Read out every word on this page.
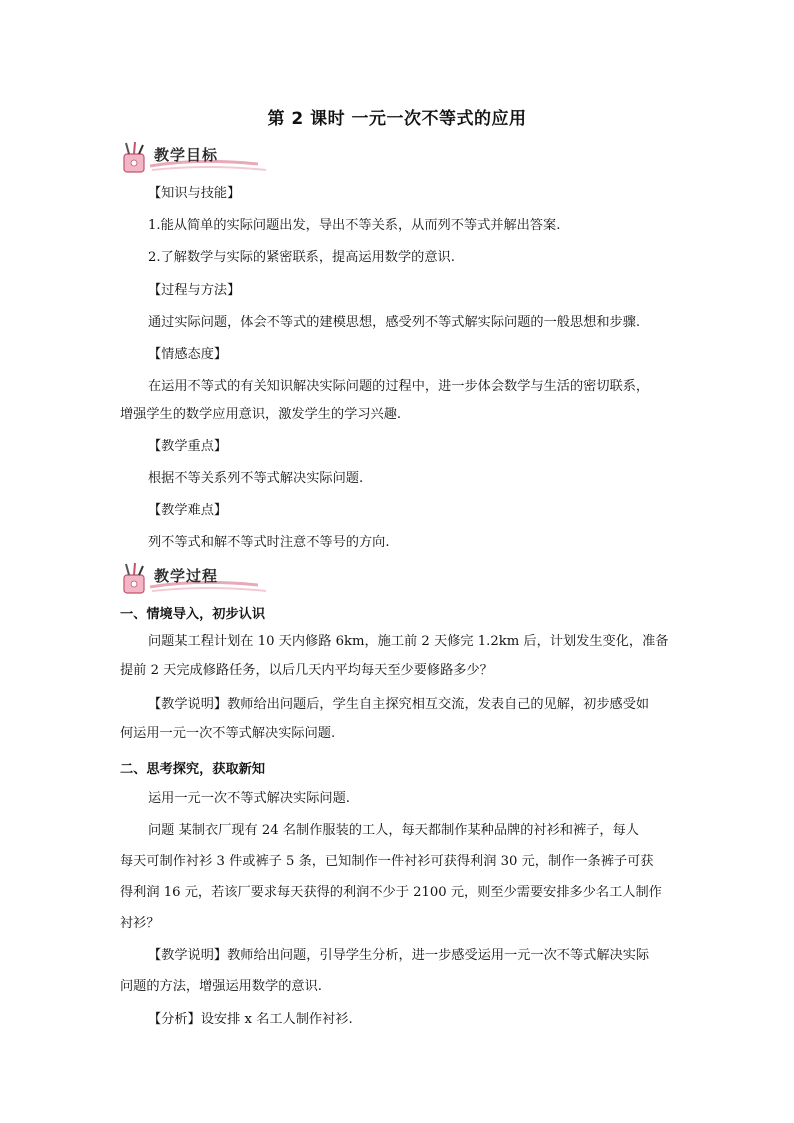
第 2 课时 一元一次不等式的应用
教学目标
【知识与技能】
1.能从简单的实际问题出发，导出不等关系，从而列不等式并解出答案.
2.了解数学与实际的紧密联系，提高运用数学的意识.
【过程与方法】
通过实际问题，体会不等式的建模思想，感受列不等式解实际问题的一般思想和步骤.
【情感态度】
在运用不等式的有关知识解决实际问题的过程中，进一步体会数学与生活的密切联系，
增强学生的数学应用意识，激发学生的学习兴趣.
【教学重点】
根据不等关系列不等式解决实际问题.
【教学难点】
列不等式和解不等式时注意不等号的方向.
教学过程
一、情境导入，初步认识
问题某工程计划在 10 天内修路 6km，施工前 2 天修完 1.2km 后，计划发生变化，准备
提前 2 天完成修路任务，以后几天内平均每天至少要修路多少？
【教学说明】教师给出问题后，学生自主探究相互交流，发表自己的见解，初步感受如
何运用一元一次不等式解决实际问题.
二、思考探究，获取新知
运用一元一次不等式解决实际问题.
问题 某制衣厂现有 24 名制作服装的工人，每天都制作某种品牌的衬衫和裤子，每人
每天可制作衬衫 3 件或裤子 5 条，已知制作一件衬衫可获得利润 30 元，制作一条裤子可获
得利润 16 元，若该厂要求每天获得的利润不少于 2100 元，则至少需要安排多少名工人制作
衬衫？
【教学说明】教师给出问题，引导学生分析，进一步感受运用一元一次不等式解决实际
问题的方法，增强运用数学的意识.
【分析】设安排 x 名工人制作衬衫.
